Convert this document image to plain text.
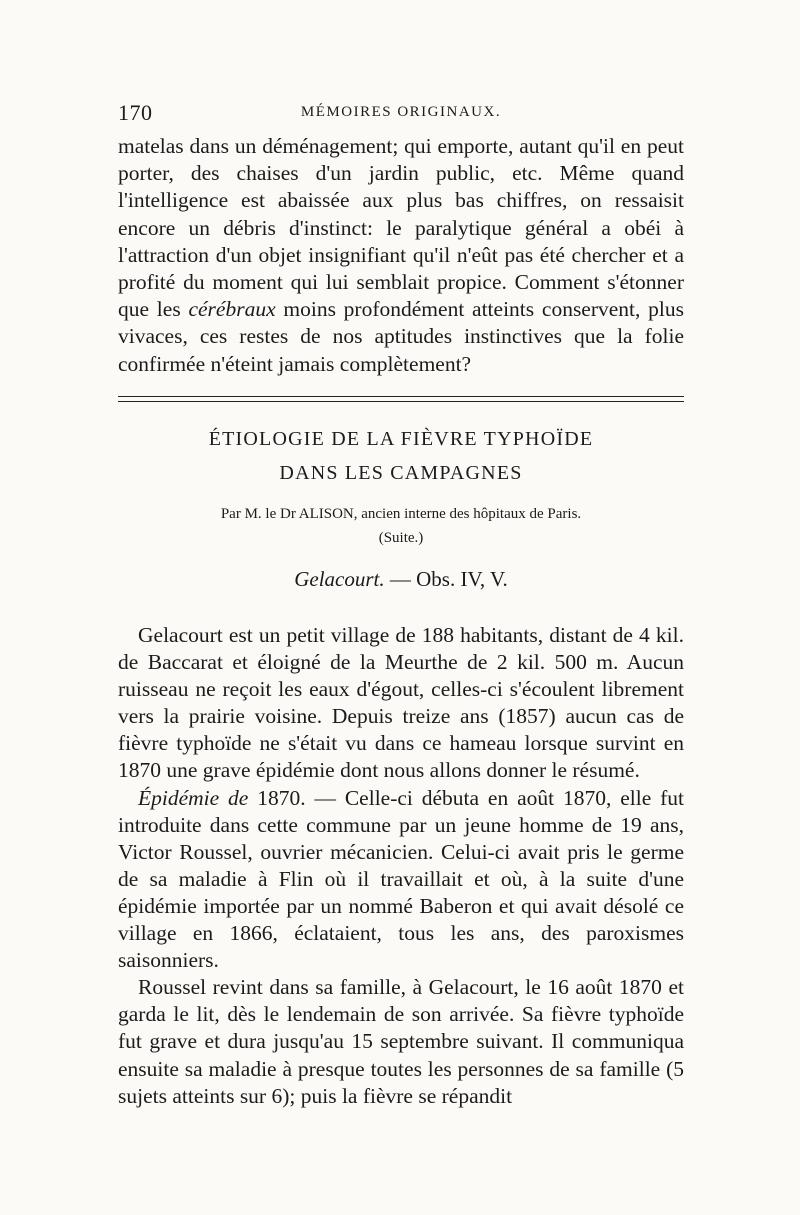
170	MÉMOIRES ORIGINAUX.

matelas dans un déménagement; qui emporte, autant qu'il en peut porter, des chaises d'un jardin public, etc. Même quand l'intelligence est abaissée aux plus bas chiffres, on ressaisit encore un débris d'instinct: le paralytique général a obéi à l'attraction d'un objet insignifiant qu'il n'eût pas été chercher et a profité du moment qui lui semblait propice. Comment s'étonner que les cérébraux moins profondément atteints conservent, plus vivaces, ces restes de nos aptitudes instinctives que la folie confirmée n'éteint jamais complètement?

ÉTIOLOGIE DE LA FIÈVRE TYPHOÏDE
DANS LES CAMPAGNES
Par M. le Dr ALISON, ancien interne des hôpitaux de Paris.
(Suite.)
Gelacourt. — Obs. IV, V.

Gelacourt est un petit village de 188 habitants, distant de 4 kil. de Baccarat et éloigné de la Meurthe de 2 kil. 500 m. Aucun ruisseau ne reçoit les eaux d'égout, celles-ci s'écoulent librement vers la prairie voisine. Depuis treize ans (1857) aucun cas de fièvre typhoïde ne s'était vu dans ce hameau lorsque survint en 1870 une grave épidémie dont nous allons donner le résumé.

Épidémie de 1870. — Celle-ci débuta en août 1870, elle fut introduite dans cette commune par un jeune homme de 19 ans, Victor Roussel, ouvrier mécanicien. Celui-ci avait pris le germe de sa maladie à Flin où il travaillait et où, à la suite d'une épidémie importée par un nommé Baberon et qui avait désolé ce village en 1866, éclataient, tous les ans, des paroxismes saisonniers.

Roussel revint dans sa famille, à Gelacourt, le 16 août 1870 et garda le lit, dès le lendemain de son arrivée. Sa fièvre typhoïde fut grave et dura jusqu'au 15 septembre suivant. Il communiqua ensuite sa maladie à presque toutes les personnes de sa famille (5 sujets atteints sur 6); puis la fièvre se répandit
